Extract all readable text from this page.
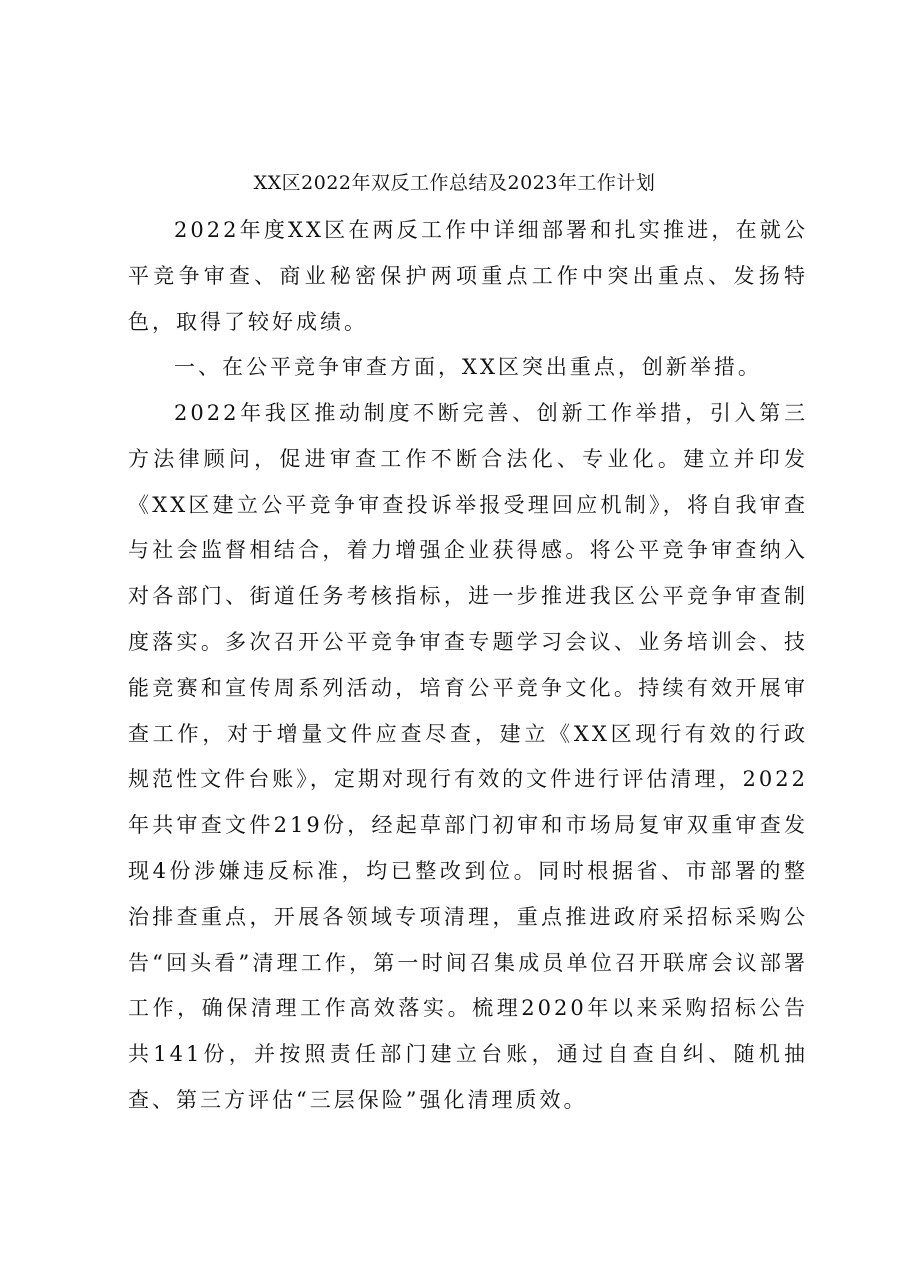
XX区2022年双反工作总结及2023年工作计划

2022年度XX区在两反工作中详细部署和扎实推进，在就公平竞争审查、商业秘密保护两项重点工作中突出重点、发扬特色，取得了较好成绩。

一、在公平竞争审查方面，XX区突出重点，创新举措。

2022年我区推动制度不断完善、创新工作举措，引入第三方法律顾问，促进审查工作不断合法化、专业化。建立并印发《XX区建立公平竞争审查投诉举报受理回应机制》，将自我审查与社会监督相结合，着力增强企业获得感。将公平竞争审查纳入对各部门、街道任务考核指标，进一步推进我区公平竞争审查制度落实。多次召开公平竞争审查专题学习会议、业务培训会、技能竞赛和宣传周系列活动，培育公平竞争文化。持续有效开展审查工作，对于增量文件应查尽查，建立《XX区现行有效的行政规范性文件台账》，定期对现行有效的文件进行评估清理，2022年共审查文件219份，经起草部门初审和市场局复审双重审查发现4份涉嫌违反标准，均已整改到位。同时根据省、市部署的整治排查重点，开展各领域专项清理，重点推进政府采招标采购公告“回头看”清理工作，第一时间召集成员单位召开联席会议部署工作，确保清理工作高效落实。梳理2020年以来采购招标公告共141份，并按照责任部门建立台账，通过自查自纠、随机抽查、第三方评估“三层保险”强化清理质效。
